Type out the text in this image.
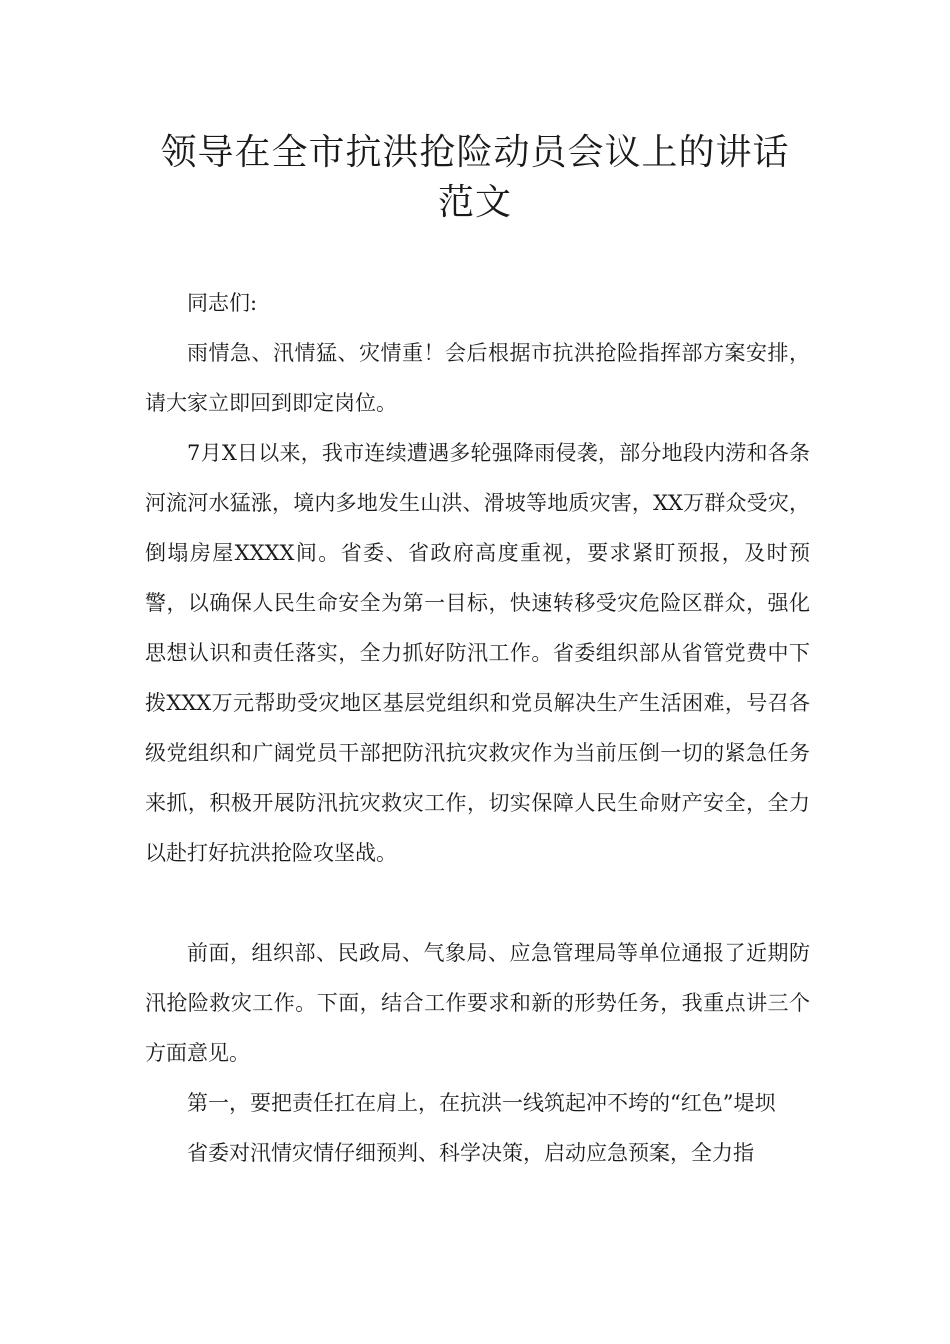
领导在全市抗洪抢险动员会议上的讲话
范文

同志们:

雨情急、汛情猛、灾情重！会后根据市抗洪抢险指挥部方案安排，请大家立即回到即定岗位。

7月X日以来，我市连续遭遇多轮强降雨侵袭，部分地段内涝和各条河流河水猛涨，境内多地发生山洪、滑坡等地质灾害，XX万群众受灾，倒塌房屋XXXX间。省委、省政府高度重视，要求紧盯预报，及时预警，以确保人民生命安全为第一目标，快速转移受灾危险区群众，强化思想认识和责任落实，全力抓好防汛工作。省委组织部从省管党费中下拨XXX万元帮助受灾地区基层党组织和党员解决生产生活困难，号召各级党组织和广阔党员干部把防汛抗灾救灾作为当前压倒一切的紧急任务来抓，积极开展防汛抗灾救灾工作，切实保障人民生命财产安全，全力以赴打好抗洪抢险攻坚战。

前面，组织部、民政局、气象局、应急管理局等单位通报了近期防汛抢险救灾工作。下面，结合工作要求和新的形势任务，我重点讲三个方面意见。

第一，要把责任扛在肩上，在抗洪一线筑起冲不垮的“红色”堤坝

省委对汛情灾情仔细预判、科学决策，启动应急预案，全力指
